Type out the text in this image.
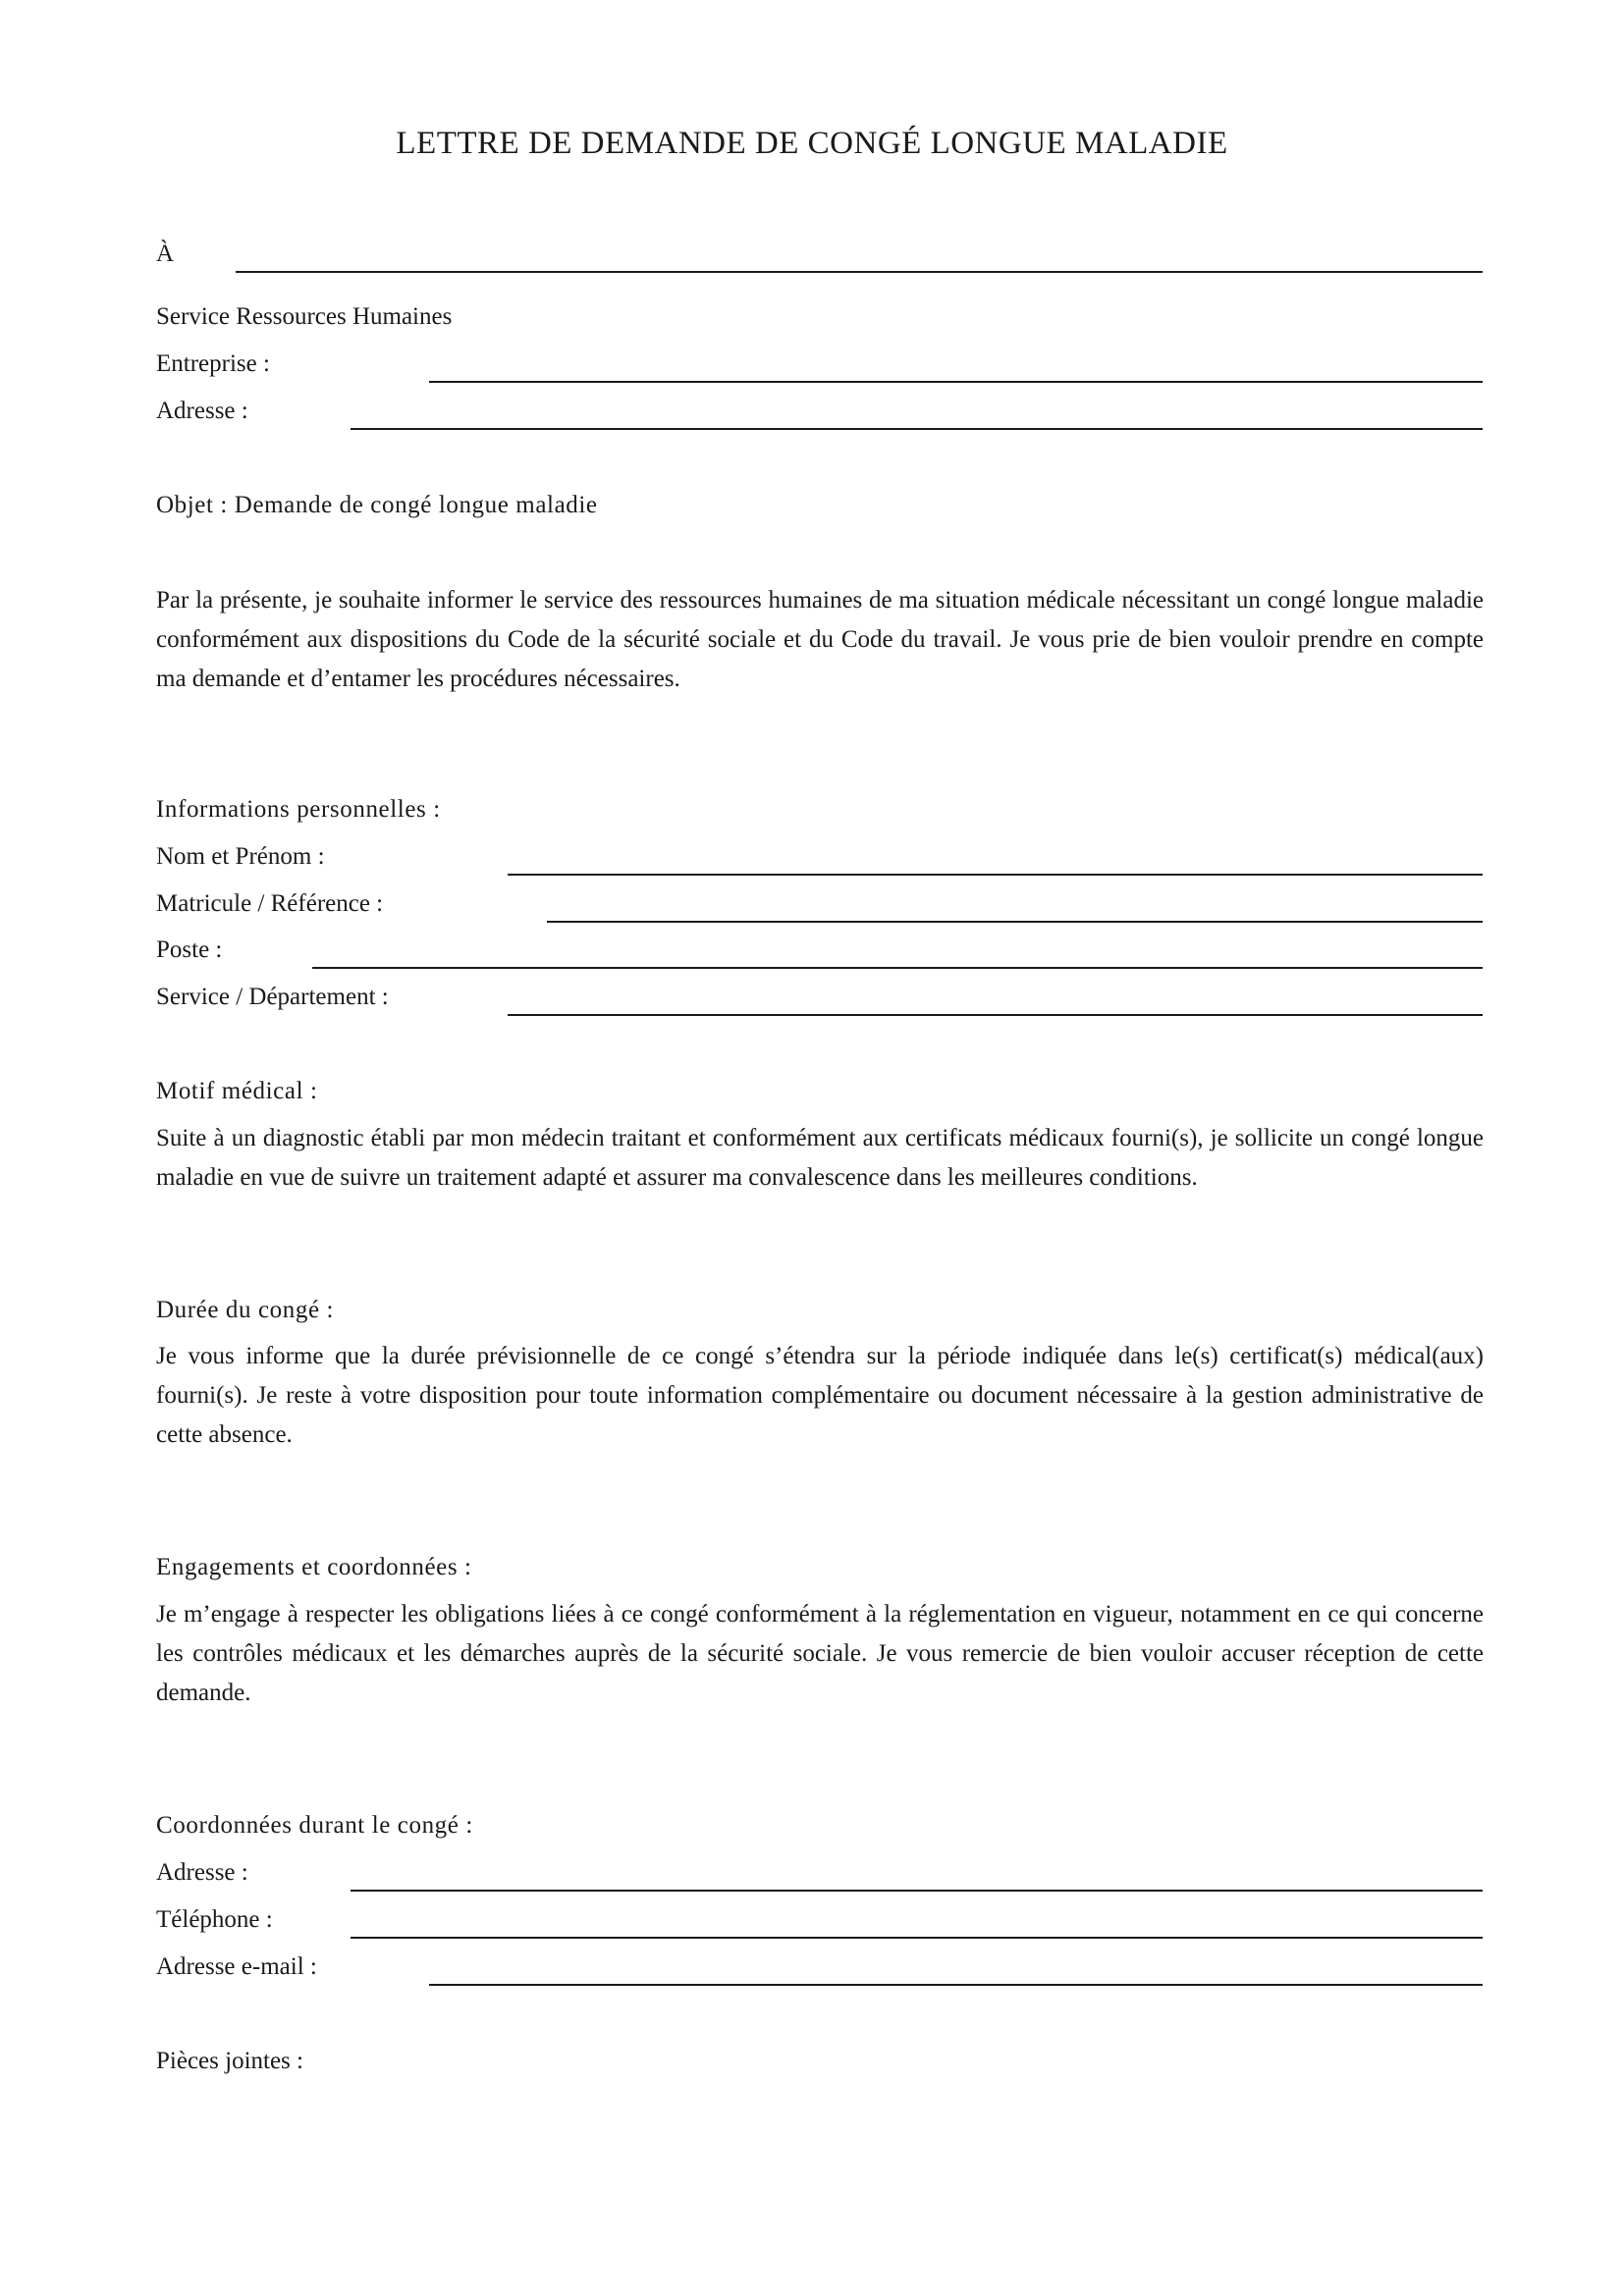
LETTRE DE DEMANDE DE CONGÉ LONGUE MALADIE
À
Service Ressources Humaines
Entreprise :
Adresse :
Objet : Demande de congé longue maladie
Par la présente, je souhaite informer le service des ressources humaines de ma situation médicale nécessitant un congé longue maladie conformément aux dispositions du Code de la sécurité sociale et du Code du travail. Je vous prie de bien vouloir prendre en compte ma demande et d’entamer les procédures nécessaires.
Informations personnelles :
Nom et Prénom :
Matricule / Référence :
Poste :
Service / Département :
Motif médical :
Suite à un diagnostic établi par mon médecin traitant et conformément aux certificats médicaux fourni(s), je sollicite un congé longue maladie en vue de suivre un traitement adapté et assurer ma convalescence dans les meilleures conditions.
Durée du congé :
Je vous informe que la durée prévisionnelle de ce congé s’étendra sur la période indiquée dans le(s) certificat(s) médical(aux) fourni(s). Je reste à votre disposition pour toute information complémentaire ou document nécessaire à la gestion administrative de cette absence.
Engagements et coordonnées :
Je m’engage à respecter les obligations liées à ce congé conformément à la réglementation en vigueur, notamment en ce qui concerne les contrôles médicaux et les démarches auprès de la sécurité sociale. Je vous remercie de bien vouloir accuser réception de cette demande.
Coordonnées durant le congé :
Adresse :
Téléphone :
Adresse e-mail :
Pièces jointes :
